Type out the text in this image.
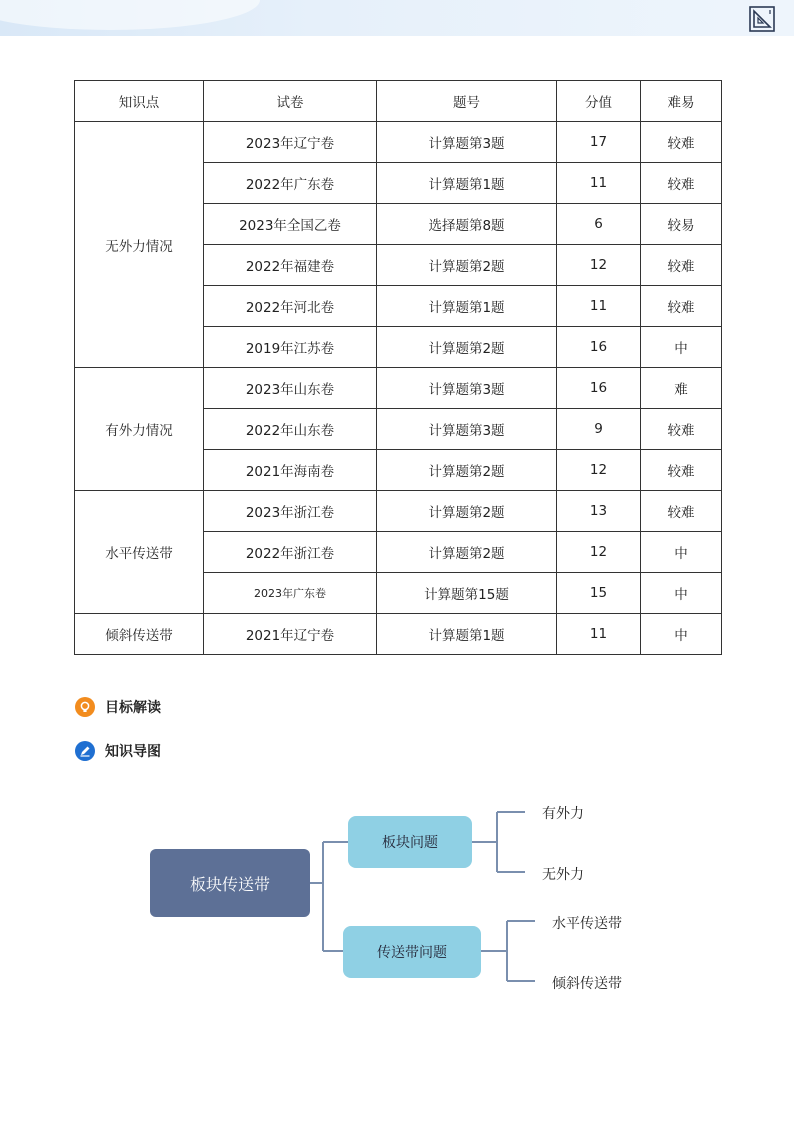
知识点	试卷	题号	分值	难易
无外力情况	2023年辽宁卷	计算题第3题	17	较难
	2022年广东卷	计算题第1题	11	较难
	2023年全国乙卷	选择题第8题	6	较易
	2022年福建卷	计算题第2题	12	较难
	2022年河北卷	计算题第1题	11	较难
	2019年江苏卷	计算题第2题	16	中
有外力情况	2023年山东卷	计算题第3题	16	难
	2022年山东卷	计算题第3题	9	较难
	2021年海南卷	计算题第2题	12	较难
水平传送带	2023年浙江卷	计算题第2题	13	较难
	2022年浙江卷	计算题第2题	12	中
	2023年广东卷	计算题第15题	15	中
倾斜传送带	2021年辽宁卷	计算题第1题	11	中
目标解读
知识导图
板块传送带
板块问题
传送带问题
有外力
无外力
水平传送带
倾斜传送带
